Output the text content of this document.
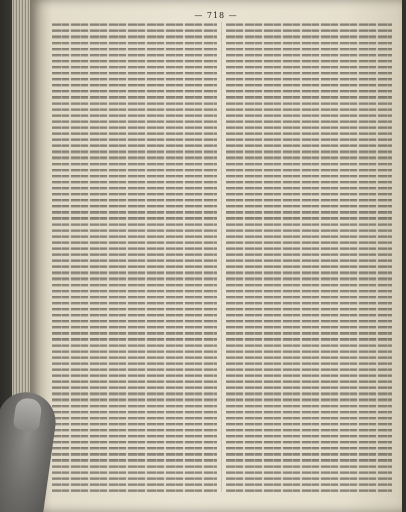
— 718 —
